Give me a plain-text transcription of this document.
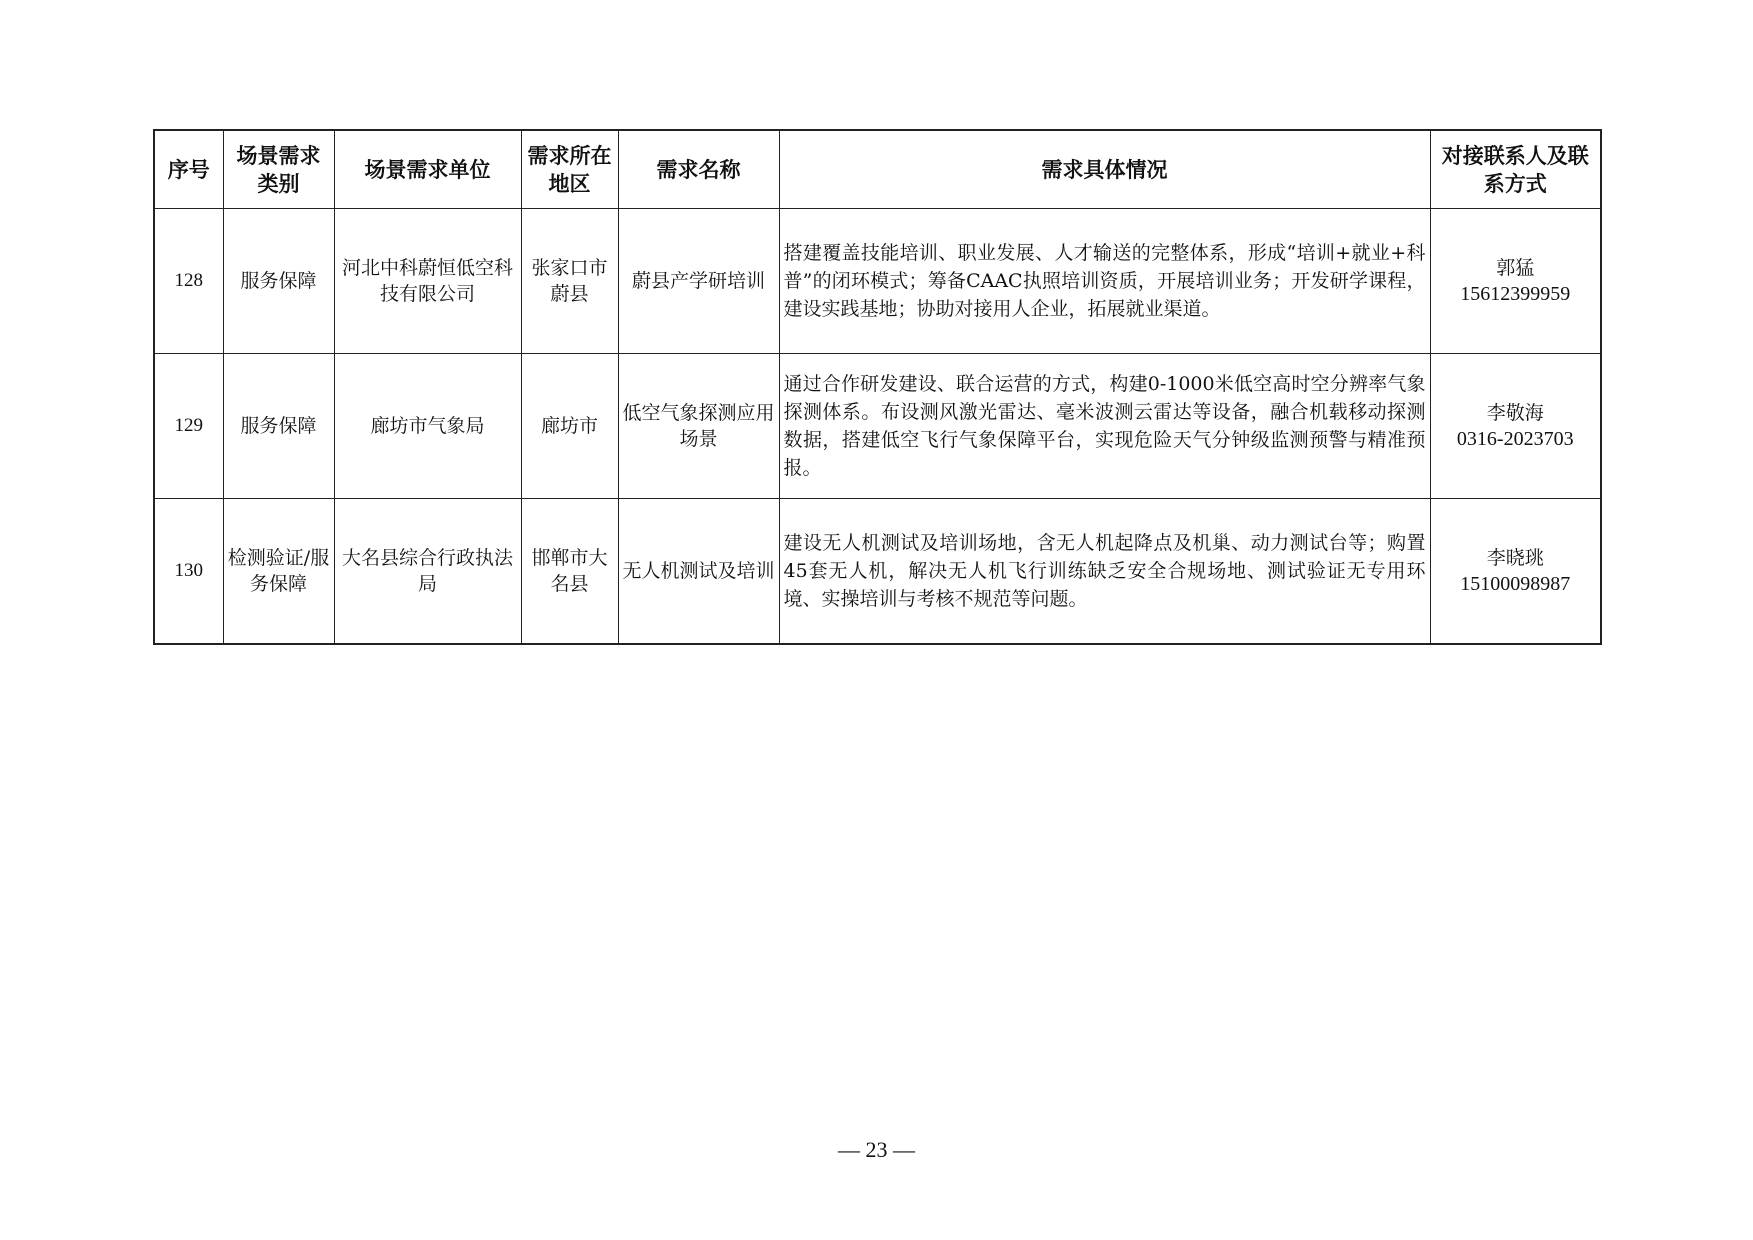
序号	场景需求类别	场景需求单位	需求所在地区	需求名称	需求具体情况	对接联系人及联系方式
128	服务保障	河北中科蔚恒低空科技有限公司	张家口市蔚县	蔚县产学研培训	搭建覆盖技能培训、职业发展、人才输送的完整体系，形成“培训+就业+科普”的闭环模式；筹备CAAC执照培训资质，开展培训业务；开发研学课程，建设实践基地；协助对接用人企业，拓展就业渠道。	郭猛
15612399959

129	服务保障	廊坊市气象局	廊坊市	低空气象探测应用场景	通过合作研发建设、联合运营的方式，构建0-1000米低空高时空分辨率气象探测体系。布设测风激光雷达、毫米波测云雷达等设备，融合机载移动探测数据，搭建低空飞行气象保障平台，实现危险天气分钟级监测预警与精准预报。	李敬海
0316-2023703

130	检测验证/服务保障	大名县综合行政执法局	邯郸市大名县	无人机测试及培训	建设无人机测试及培训场地，含无人机起降点及机巢、动力测试台等；购置45套无人机，解决无人机飞行训练缺乏安全合规场地、测试验证无专用环境、实操培训与考核不规范等问题。	李晓珧
15100098987
— 23 —
